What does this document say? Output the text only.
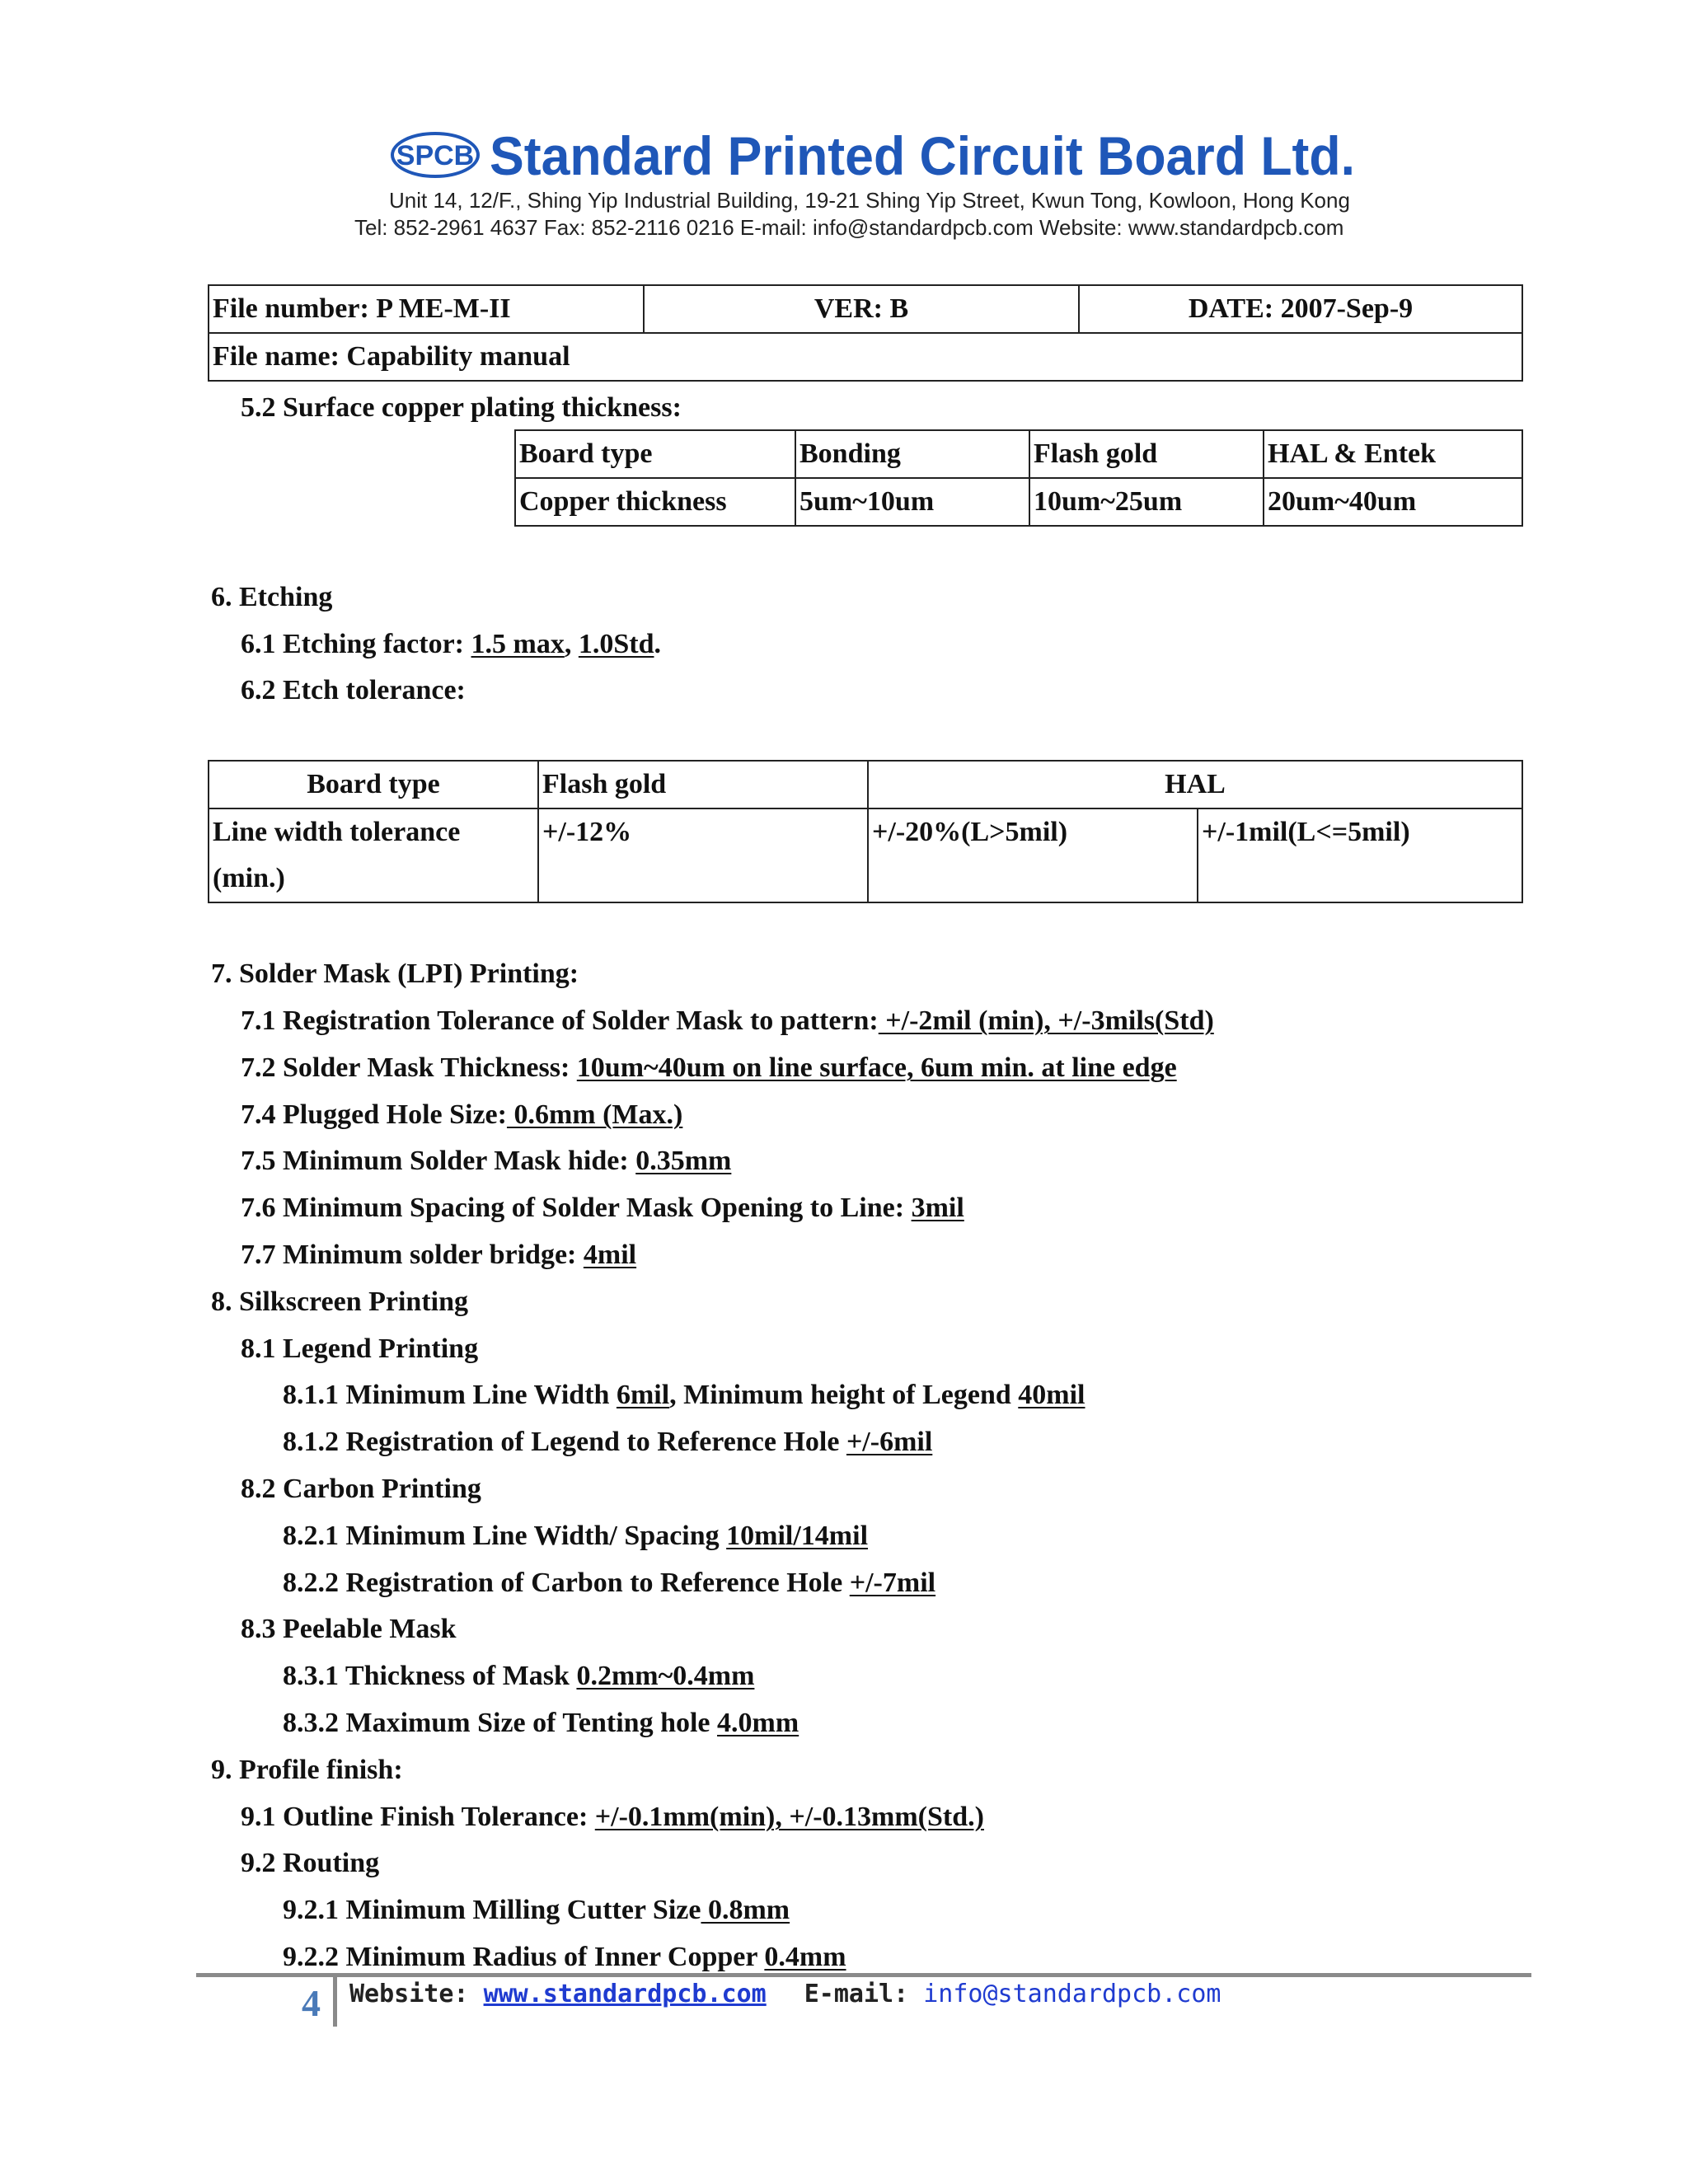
SPCB Standard Printed Circuit Board Ltd.
Unit 14, 12/F., Shing Yip Industrial Building, 19-21 Shing Yip Street, Kwun Tong, Kowloon, Hong Kong
Tel: 852-2961 4637 Fax: 852-2116 0216 E-mail: info@standardpcb.com Website: www.standardpcb.com
File number: P ME-M-II	VER: B	DATE: 2007-Sep-9
File name: Capability manual
5.2 Surface copper plating thickness:
Board type	Bonding	Flash gold	HAL & Entek
Copper thickness	5um~10um	10um~25um	20um~40um
6. Etching
6.1 Etching factor: 1.5 max, 1.0Std.
6.2 Etch tolerance:
Board type	Flash gold	HAL	

Line width tolerance
(min.)	+/-12%	+/-20%(L>5mil)	+/-1mil(L<=5mil)
7. Solder Mask (LPI) Printing:
7.1 Registration Tolerance of Solder Mask to pattern: +/-2mil (min), +/-3mils(Std)
7.2 Solder Mask Thickness: 10um~40um on line surface, 6um min. at line edge
7.4 Plugged Hole Size: 0.6mm (Max.)
7.5 Minimum Solder Mask hide: 0.35mm
7.6 Minimum Spacing of Solder Mask Opening to Line: 3mil
7.7 Minimum solder bridge: 4mil
8. Silkscreen Printing
8.1 Legend Printing
8.1.1 Minimum Line Width 6mil, Minimum height of Legend 40mil
8.1.2 Registration of Legend to Reference Hole +/-6mil
8.2 Carbon Printing
8.2.1 Minimum Line Width/ Spacing 10mil/14mil
8.2.2 Registration of Carbon to Reference Hole +/-7mil
8.3 Peelable Mask
8.3.1 Thickness of Mask 0.2mm~0.4mm
8.3.2 Maximum Size of Tenting hole 4.0mm
9. Profile finish:
9.1 Outline Finish Tolerance: +/-0.1mm(min), +/-0.13mm(Std.)
9.2 Routing
9.2.1 Minimum Milling Cutter Size 0.8mm
9.2.2 Minimum Radius of Inner Copper 0.4mm
4 Website: www.standardpcb.com E-mail: info@standardpcb.com
